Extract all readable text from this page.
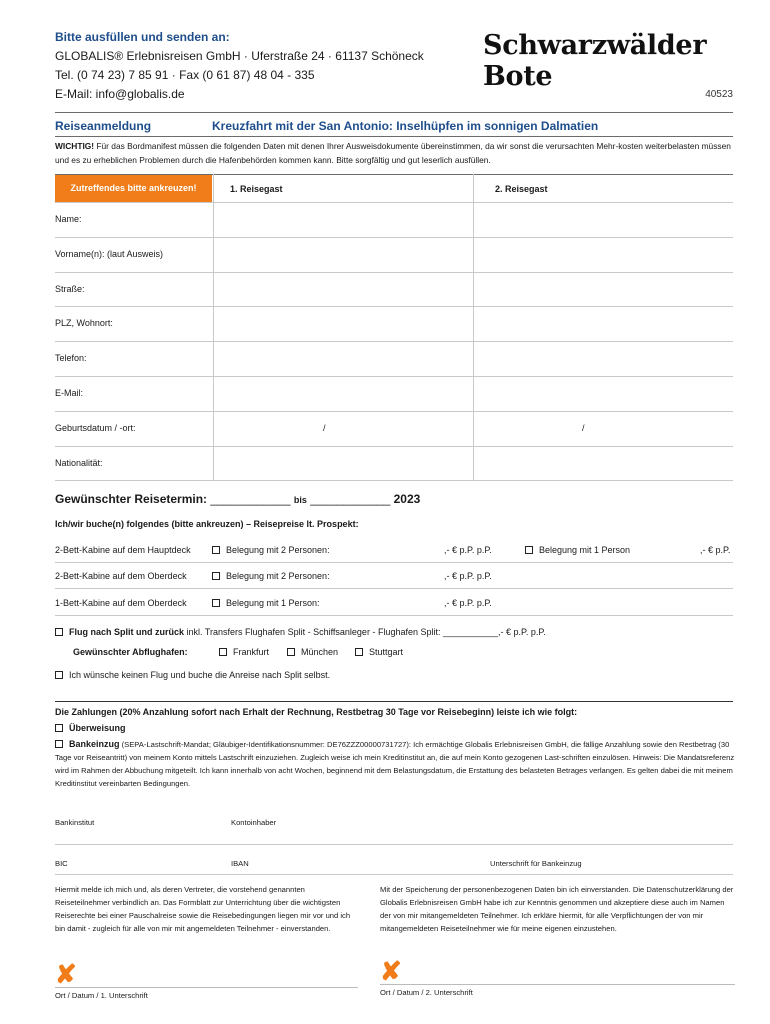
Bitte ausfüllen und senden an:
GLOBALIS® Erlebnisreisen GmbH · Uferstraße 24 · 61137 Schöneck
Tel. (0 74 23) 7 85 91 · Fax (0 61 87) 48 04 - 335
E-Mail: info@globalis.de
Schwarzwälder Bote
40523
Reiseanmeldung	Kreuzfahrt mit der San Antonio: Inselhüpfen im sonnigen Dalmatien
WICHTIG! Für das Bordmanifest müssen die folgenden Daten mit denen Ihrer Ausweisdokumente übereinstimmen, da wir sonst die verursachten Mehr-kosten weiterbelasten müssen und es zu erheblichen Problemen durch die Hafenbehörden kommen kann. Bitte sorgfältig und gut leserlich ausfüllen.
Zutreffendes bitte ankreuzen!	1. Reisegast	2. Reisegast
Name:
Vorname(n): (laut Ausweis)
Straße:
PLZ, Wohnort:
Telefon:
E-Mail:
Geburtsdatum / -ort:	/	/
Nationalität:
Gewünschter Reisetermin: ____________ bis ____________ 2023
Ich/wir buche(n) folgendes (bitte ankreuzen) – Reisepreise lt. Prospekt:
2-Bett-Kabine auf dem Hauptdeck	Belegung mit 2 Personen:	,- € p.P. p.P.	Belegung mit 1 Person	,- € p.P.
2-Bett-Kabine auf dem Oberdeck	Belegung mit 2 Personen:	,- € p.P. p.P.
1-Bett-Kabine auf dem Oberdeck	Belegung mit 1 Person:	,- € p.P. p.P.
Flug nach Split und zurück inkl. Transfers Flughafen Split - Schiffsanleger - Flughafen Split: ___________,- € p.P. p.P.
Gewünschter Abflughafen:	Frankfurt	München	Stuttgart
Ich wünsche keinen Flug und buche die Anreise nach Split selbst.
Die Zahlungen (20% Anzahlung sofort nach Erhalt der Rechnung, Restbetrag 30 Tage vor Reisebeginn) leiste ich wie folgt:
Überweisung
Bankeinzug (SEPA-Lastschrift-Mandat; Gläubiger-Identifikationsnummer: DE76ZZZ00000731727): Ich ermächtige Globalis Erlebnisreisen GmbH, die fällige Anzahlung sowie den Restbetrag (30 Tage vor Reiseantritt) von meinem Konto mittels Lastschrift einzuziehen. Zugleich weise ich mein Kreditinstitut an, die auf mein Konto gezogenen Last-schriften einzulösen. Hinweis: Die Mandatsreferenz wird im Rahmen der Abbuchung mitgeteilt. Ich kann innerhalb von acht Wochen, beginnend mit dem Belastungsdatum, die Erstattung des belasteten Betrages verlangen. Es gelten dabei die mit meinem Kreditinstitut vereinbarten Bedingungen.
Bankinstitut	Kontoinhaber
BIC	IBAN	Unterschrift für Bankeinzug
Hiermit melde ich mich und, als deren Vertreter, die vorstehend genannten Reiseteilnehmer verbindlich an. Das Formblatt zur Unterrichtung über die wichtigsten Reiserechte bei einer Pauschalreise sowie die Reisebedingungen liegen mir vor und ich bin damit - zugleich für alle von mir mit angemeldeten Teilnehmer - einverstanden.
Mit der Speicherung der personenbezogenen Daten bin ich einverstanden. Die Datenschutzerklärung der Globalis Erlebnisreisen GmbH habe ich zur Kenntnis genommen und akzeptiere diese auch im Namen der von mir mitangemeldeten Teilnehmer. Ich erkläre hiermit, für alle Verpflichtungen der von mir mitangemeldeten Reiseteilnehmer wie für meine eigenen einzustehen.
✘	✘
Ort / Datum / 1. Unterschrift	Ort / Datum / 2. Unterschrift
